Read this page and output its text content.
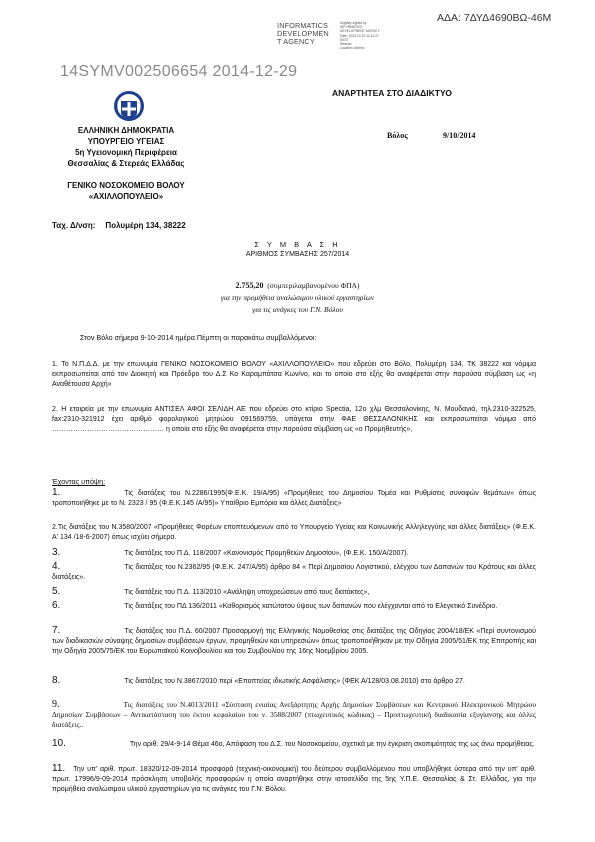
ΑΔΑ: 7ΔΥΔ4690ΒΩ-46Μ
INFORMATICS
DEVELOPMEN
T AGENCY
Digitally signed by
INFORMATICS
DEVELOPMENT AGENCY
Date: 2014.10.22 11:41:27
EEST
Reason:
Location: Athens
14SYMV002506654 2014-12-29
ΑΝΑΡΤΗΤΕΑ ΣΤΟ ΔΙΑΔΙΚΤΥΟ
ΕΛΛΗΝΙΚΗ ΔΗΜΟΚΡΑΤΙΑ
ΥΠΟΥΡΓΕΙΟ ΥΓΕΙΑΣ
5η Υγειονομική Περιφέρεια
Θεσσαλίας & Στερεάς Ελλάδας
ΓΕΝΙΚΟ ΝΟΣΟΚΟΜΕΙΟ ΒΟΛΟΥ
«ΑΧΙΛΛΟΠΟΥΛΕΙΟ»
Βόλος	9/10/2014
Ταχ. Δ/νση: Πολυμέρη 134, 38222
Σ Υ Μ Β Α Σ Η
ΑΡΙΘΜΟΣ ΣΥΜΒΑΣΗΣ 257/2014
2.755,20 (συμπεριλαμβανομένου ΦΠΑ)
για την προμήθεια αναλώσιμου υλικού εργαστηρίων
για τις ανάγκες του Γ.Ν. Βόλου
Στον Βόλο σήμερα 9-10-2014 ημέρα Πέμπτη οι παρακάτω συμβαλλόμενοι:
1. Το Ν.Π.Δ.Δ. με την επωνυμία ΓΕΝΙΚΟ ΝΟΣΟΚΟΜΕΙΟ ΒΟΛΟΥ «ΑΧΙΛΛΟΠΟΥΛΕΙΟ» που εδρεύει στο Βόλο, Πολυμέρη 134, ΤΚ 38222 και νόμιμα εκπροσωπείται από τον Διοικητή και Πρόεδρο του Δ.Σ Κο Καραμπάτσα Κων/νο, και το οποίο στο εξής θα αναφέρεται στην παρούσα σύμβαση ως «η Αναθέτουσα Αρχή»
2. Η εταιρεία με την επωνυμία ΑΝΤΙΣΕΛ ΑΦΟΙ ΣΕΛΙΔΗ ΑΕ που εδρεύει στο κτίριο Spectia, 12ο χλμ Θεσσαλονίκης, Ν. Μουδανιά, τηλ.2310-322525, fax:2310-321912 έχει αριθμό φορολογικού μητρώου 091569759, υπάγεται στην ΦΑΕ ΘΕΣΣΑΛΟΝΙΚΗΣ και εκπροσωπείται νόμιμα από ………………………………………… η οποία στο εξής θα αναφέρεται στην παρούσα σύμβαση ως «ο Προμηθευτής»,
Έχοντας υπόψη:
1.	Τις διατάξεις του Ν.2286/1995(Φ.Ε.Κ. 19/Α/95) «Προμήθειες του Δημοσίου Τομέα και Ρυθμίσεις συναφών θεμάτων» όπως τροποποιήθηκε με το Ν. 2323 / 95 (Φ.Ε.Κ.145 /Α/95)» Υπαίθριο Εμπόριο και άλλες Διατάξεις»
2.Τις διατάξεις του Ν.3580/2007 «Προμήθειες Φορέων εποπτευόμενων από το Υπουργείο Υγείας και Κοινωνικής Αλληλεγγύης και άλλες διατάξεις» (Φ.Ε.Κ. Α' 134 /18-6-2007) όπως ισχύει σήμερα.
3.	Τις διατάξεις του Π.Δ. 118/2007 «Κανονισμός Προμηθειών Δημοσίου», (Φ.Ε.Κ. 150/Α/2007).
4.	Τις διατάξεις του Ν.2362/95 (Φ.Ε.Κ. 247/Α/95) άρθρο 84 « Περί Δημοσίου Λογιστικού, ελέγχου των Δαπανών του Κράτους και άλλες διατάξεις».
5.	Τις διατάξεις του Π.Δ. 113/2010 «Ανάληψη υποχρεώσεων από τους διατάκτες»,
6.	Τις διατάξεις του ΠΔ 136/2011 «Καθορισμός κατώτατου ύψους των δαπανών που ελέγχονται από το Ελεγκτικό Συνέδριο.
7.	Τις διατάξεις του Π.Δ. 60/2007 Προσαρμογή της Ελληνικής Νομοθεσίας στις διατάξεις της Οδηγίας 2004/18/ΕΚ «Περί συντονισμού των διαδικασιών σύναψης δημοσίων συμβάσεων έργων, προμηθειών και υπηρεσιών» όπως τροποποιήθηκαν με την Οδηγία 2005/51/ΕΚ της Επιτροπής και την Οδηγία 2005/75/ΕΚ του Ευρωπαϊκού Κοινοβουλίου και του Συμβουλίου της 16ης Νοεμβρίου 2005.
8.	Τις διατάξεις του Ν.3867/2010 περί «Εποπτείας ιδιωτικής Ασφάλισης» (ΦΕΚ Α/128/03.08.2010) στο άρθρο 27.
9.	Τις διατάξεις του Ν.4013/2011 «Σύσταση ενιαίας Ανεξάρτητης Αρχής Δημοσίων Συμβάσεων και Κεντρικού Ηλεκτρονικού Μητρώου Δημοσίων Συμβάσεων – Αντικατάσταση του έκτου κεφαλαίου του ν. 3588/2007 (πτωχευτικός κώδικας) – Προπτωχευτική διαδικασία εξυγίανσης και άλλες διατάξεις..
10.	Την αριθ. 29/4-9-14 Θέμα 46ο, Απόφαση του Δ.Σ. του Νοσοκομείου, σχετικά με την έγκριση σκοπιμότητας της ως άνω προμήθειας.
11. Την υπ' αριθ. πρωτ. 18320/12-09-2014 προσφορά (τεχνική-οικονομική) του δεύτερου συμβαλλόμενου που υποβλήθηκε ύστερα από την υπ' αριθ. πρωτ. 17996/9-09-2014 πρόσκληση υποβολής προσφορών η οποία αναρτήθηκε στην ιστοσελίδα της 5ης Υ.Π.Ε. Θεσσαλίας & Στ. Ελλάδας, για την προμήθεια αναλώσιμου υλικού εργαστηρίων για τις ανάγκες του Γ.Ν. Βόλου.
